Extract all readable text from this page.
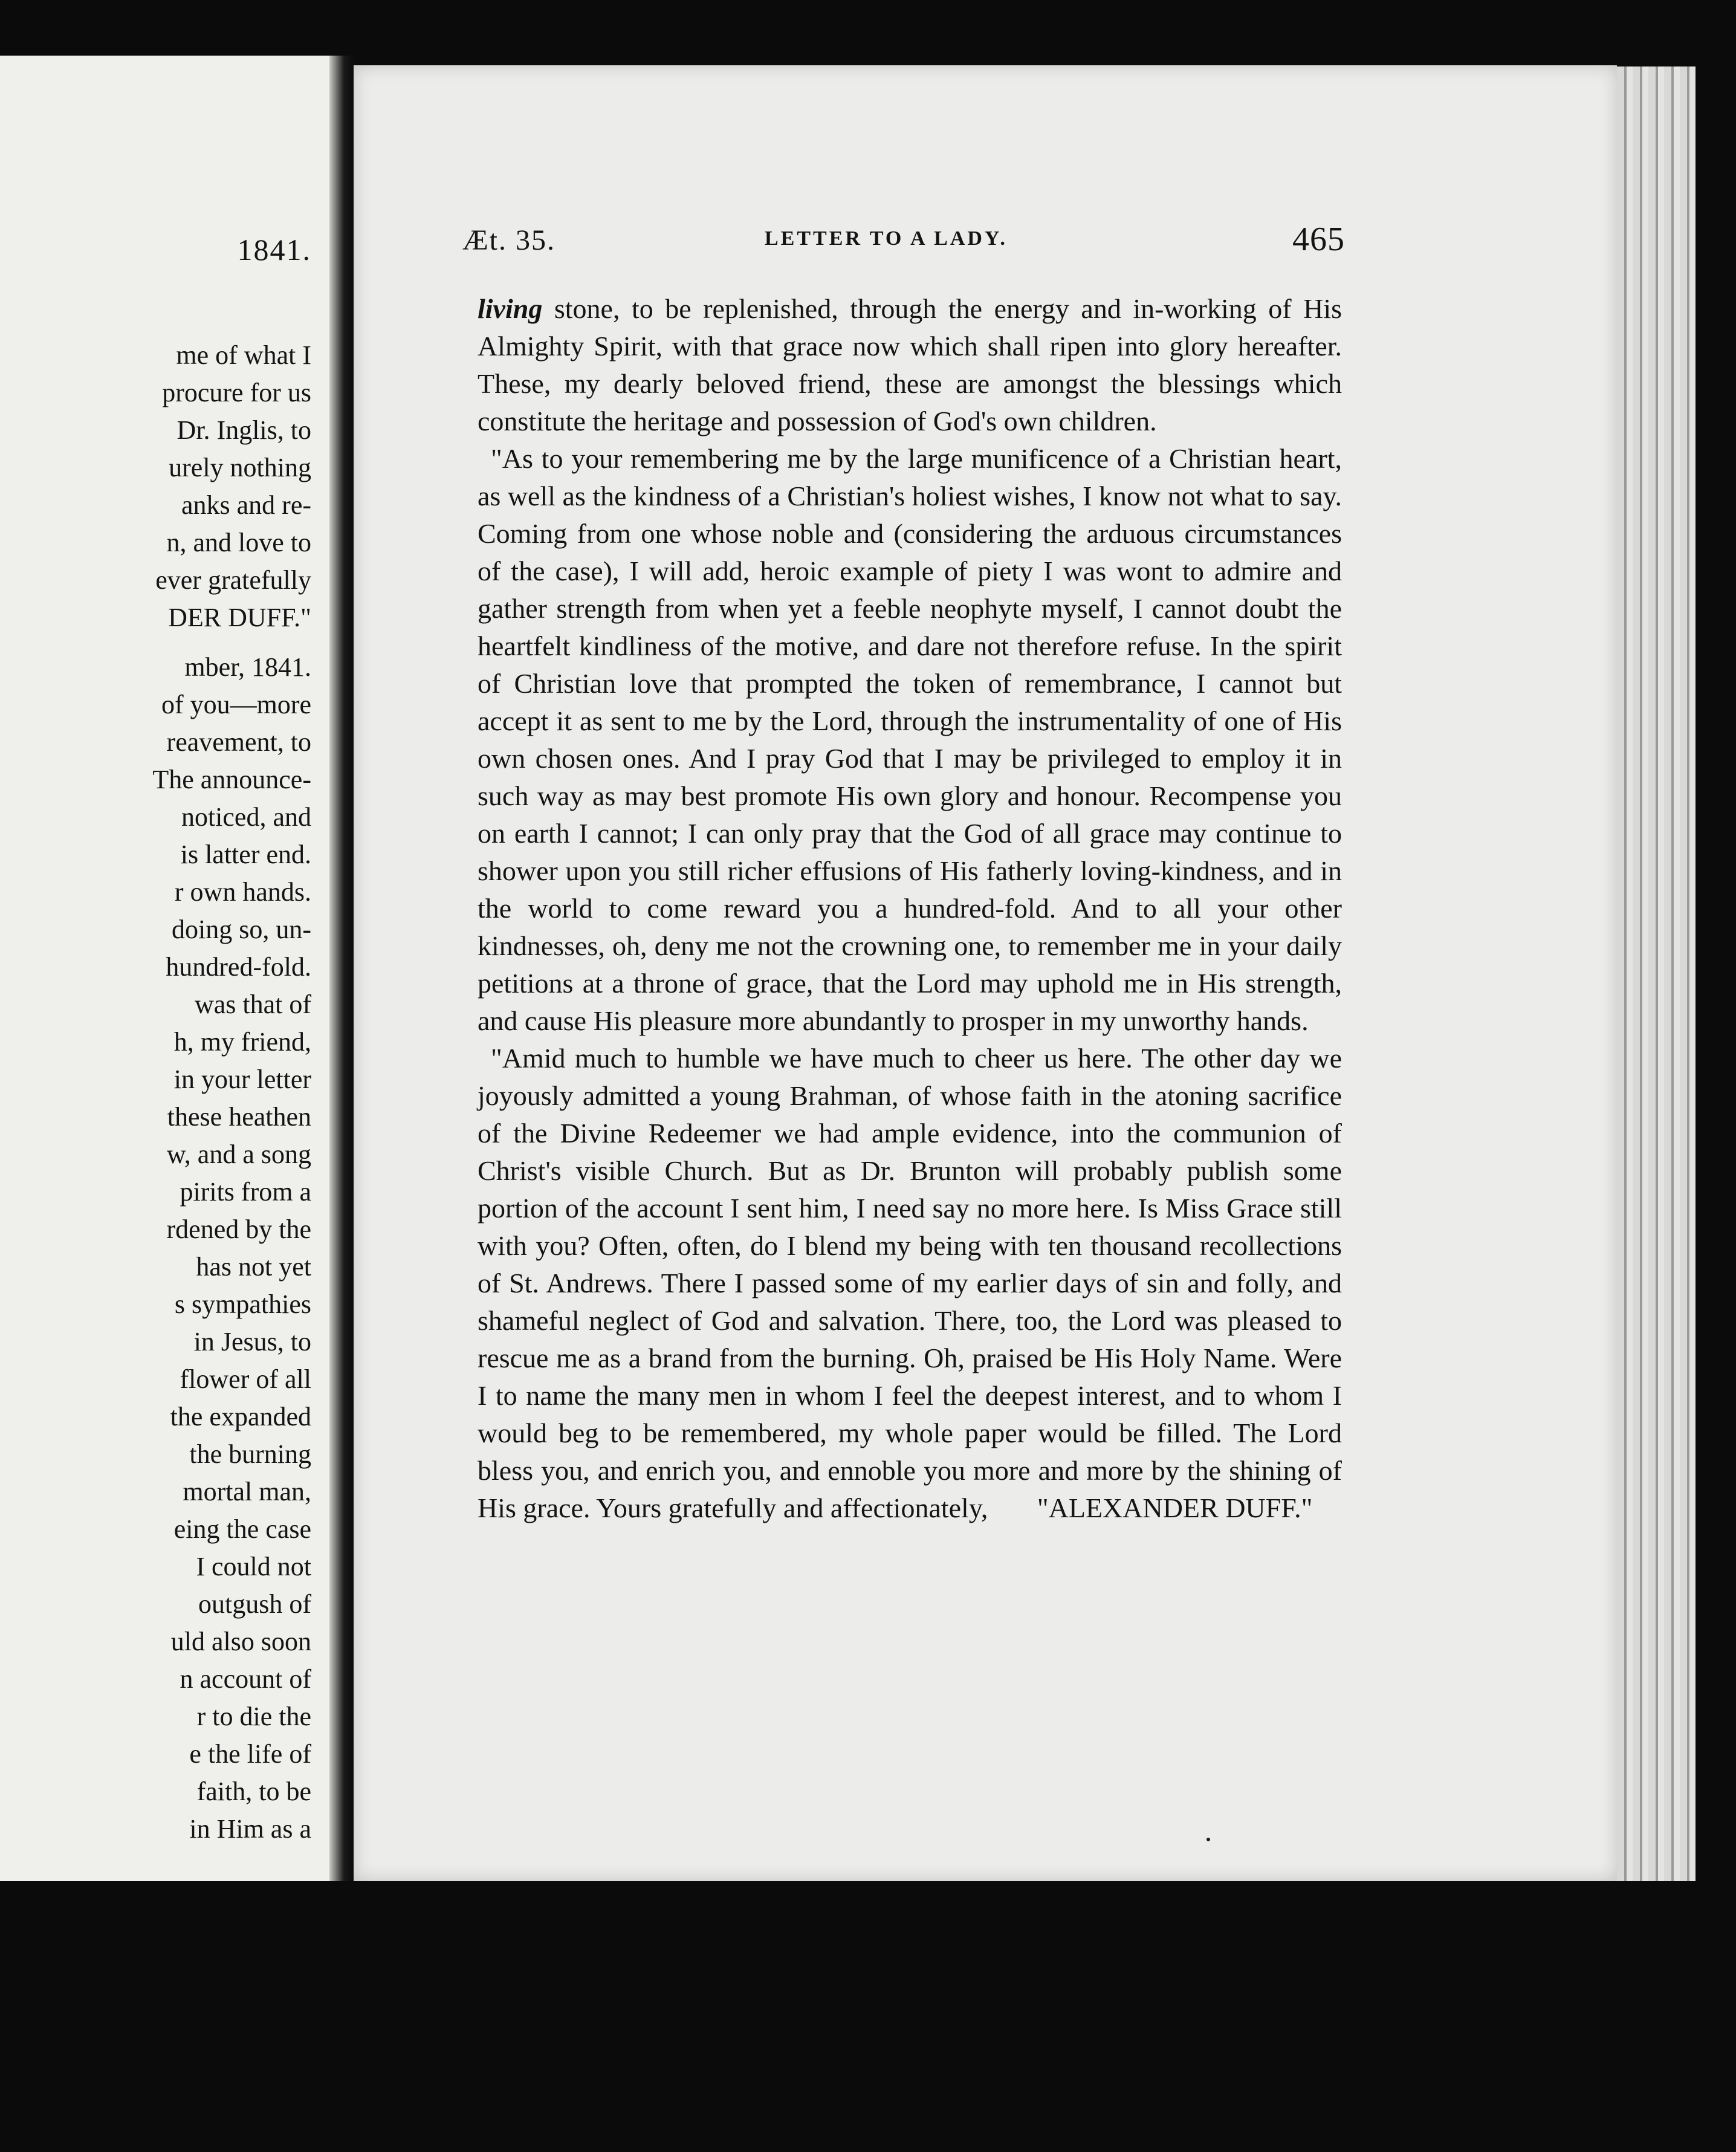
1841.
me of what I
procure for us
Dr. Inglis, to
urely nothing
anks and re-
n, and love to
ever gratefully
DER DUFF."
mber, 1841.
of you—more
reavement, to
The announce-
noticed, and
is latter end.
r own hands.
doing so, un-
hundred-fold.
was that of
h, my friend,
in your letter
these heathen
w, and a song
pirits from a
rdened by the
has not yet
s sympathies
in Jesus, to
flower of all
the expanded
the burning
mortal man,
eing the case
I could not
outgush of
uld also soon
n account of
r to die the
e the life of
faith, to be
in Him as a
Æt. 35.	LETTER TO A LADY.	465

living stone, to be replenished, through the energy and in-working of His Almighty Spirit, with that grace now which shall ripen into glory hereafter. These, my dearly beloved friend, these are amongst the blessings which constitute the heritage and possession of God's own children.

"As to your remembering me by the large munificence of a Christian heart, as well as the kindness of a Christian's holiest wishes, I know not what to say. Coming from one whose noble and (considering the arduous circumstances of the case), I will add, heroic example of piety I was wont to admire and gather strength from when yet a feeble neophyte myself, I cannot doubt the heartfelt kindliness of the motive, and dare not therefore refuse. In the spirit of Christian love that prompted the token of remembrance, I cannot but accept it as sent to me by the Lord, through the instrumentality of one of His own chosen ones. And I pray God that I may be privileged to employ it in such way as may best promote His own glory and honour. Recompense you on earth I cannot; I can only pray that the God of all grace may continue to shower upon you still richer effusions of His fatherly loving-kindness, and in the world to come reward you a hundred-fold. And to all your other kindnesses, oh, deny me not the crowning one, to remember me in your daily petitions at a throne of grace, that the Lord may uphold me in His strength, and cause His pleasure more abundantly to prosper in my unworthy hands.

"Amid much to humble we have much to cheer us here. The other day we joyously admitted a young Brahman, of whose faith in the atoning sacrifice of the Divine Redeemer we had ample evidence, into the communion of Christ's visible Church. But as Dr. Brunton will probably publish some portion of the account I sent him, I need say no more here. Is Miss Grace still with you? Often, often, do I blend my being with ten thousand recollections of St. Andrews. There I passed some of my earlier days of sin and folly, and shameful neglect of God and salvation. There, too, the Lord was pleased to rescue me as a brand from the burning. Oh, praised be His Holy Name. Were I to name the many men in whom I feel the deepest interest, and to whom I would beg to be remembered, my whole paper would be filled. The Lord bless you, and enrich you, and ennoble you more and more by the shining of His grace. Yours gratefully and affectionately, "ALEXANDER DUFF."
